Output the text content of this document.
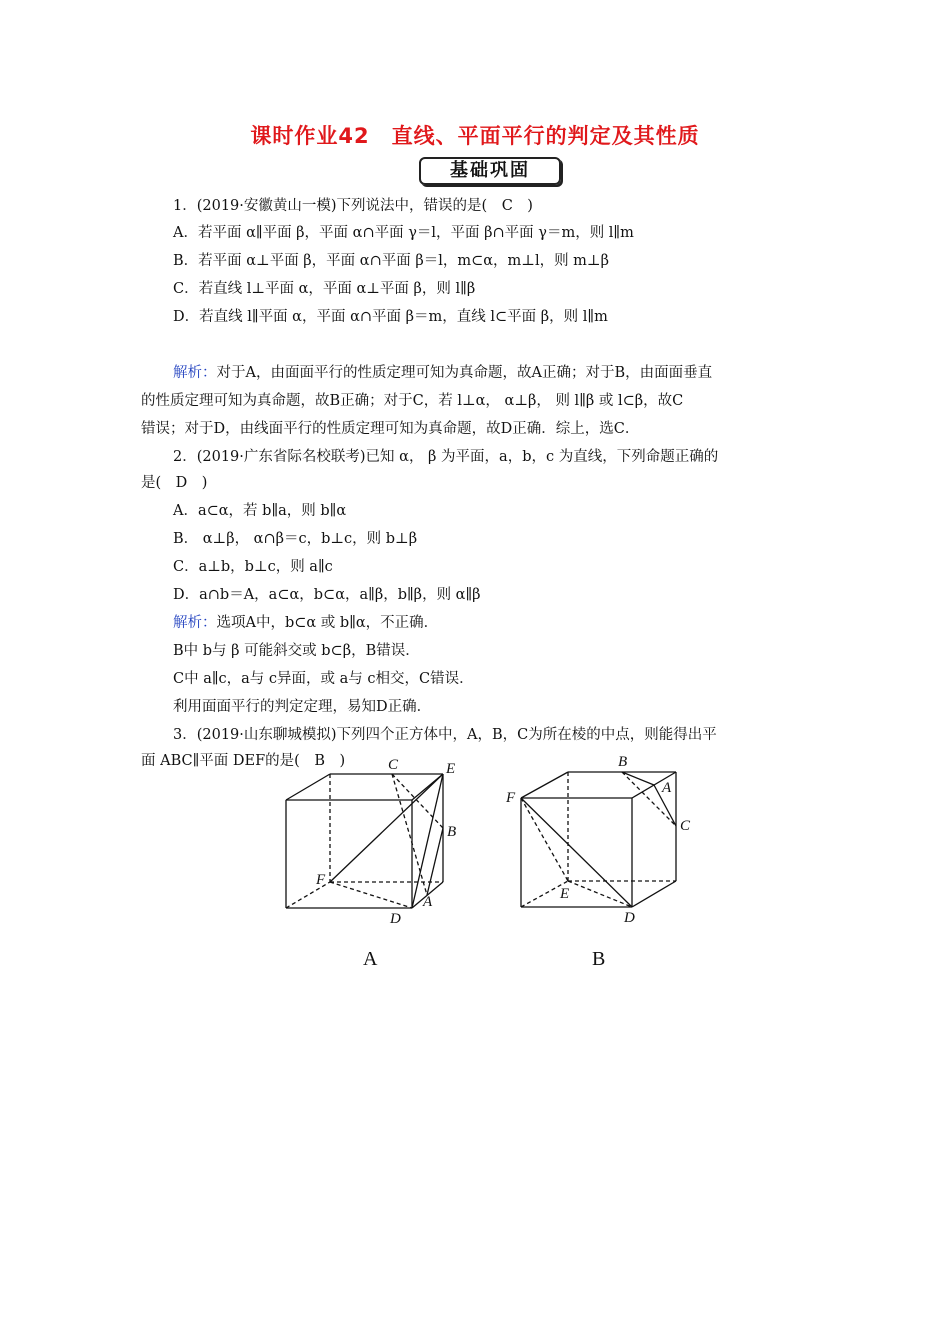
课时作业42　直线、平面平行的判定及其性质
基础巩固
1．(2019·安徽黄山一模)下列说法中，错误的是(　C　)
A．若平面 α∥平面 β，平面 α∩平面 γ＝l，平面 β∩平面 γ＝m，则 l∥m
B．若平面 α⊥平面 β，平面 α∩平面 β＝l，m⊂α，m⊥l，则 m⊥β
C．若直线 l⊥平面 α，平面 α⊥平面 β，则 l∥β
D．若直线 l∥平面 α，平面 α∩平面 β＝m，直线 l⊂平面 β，则 l∥m
解析：对于A，由面面平行的性质定理可知为真命题，故A正确；对于B，由面面垂直
的性质定理可知为真命题，故B正确；对于C，若 l⊥α， α⊥β， 则 l∥β 或 l⊂β，故C
错误；对于D，由线面平行的性质定理可知为真命题，故D正确．综上，选C．
2．(2019·广东省际名校联考)已知 α， β 为平面，a，b，c 为直线，下列命题正确的
是(　D　)
A．a⊂α，若 b∥a，则 b∥α
B． α⊥β， α∩β＝c，b⊥c，则 b⊥β
C．a⊥b，b⊥c，则 a∥c
D．a∩b＝A，a⊂α，b⊂α，a∥β，b∥β，则 α∥β
解析：选项A中，b⊂α 或 b∥α，不正确．
B中 b与 β 可能斜交或 b⊂β，B错误．
C中 a∥c，a与 c异面，或 a与 c相交，C错误．
利用面面平行的判定定理，易知D正确．
3．(2019·山东聊城模拟)下列四个正方体中，A，B，C为所在棱的中点，则能得出平
面 ABC∥平面 DEF的是(　B　)	C	E
B
F
A
D
B
A
C
F
E
D
A	B
